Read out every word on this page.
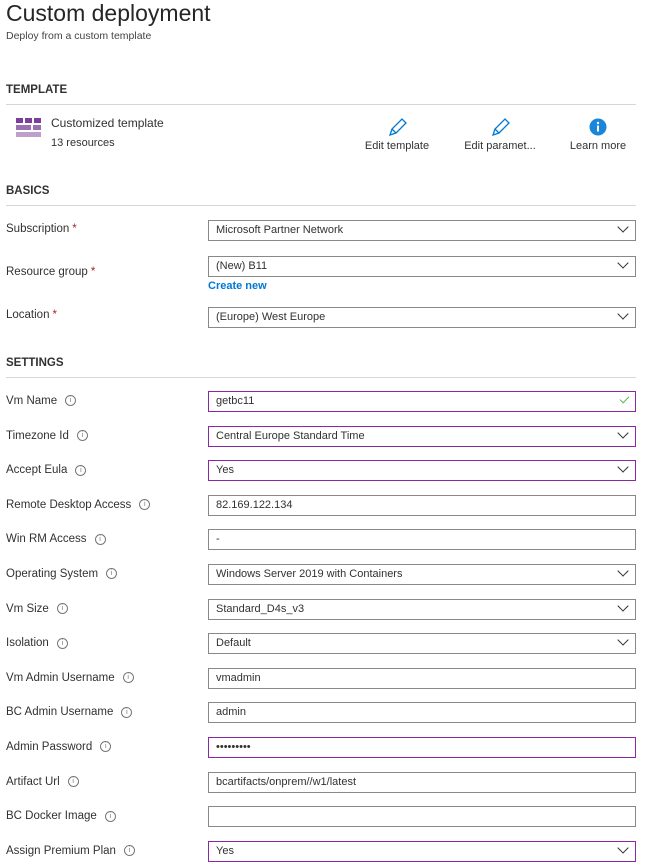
Custom deployment
Deploy from a custom template
TEMPLATE
Customized template
13 resources	Edit template	Edit paramet...	Learn more
BASICS
Subscription *	Microsoft Partner Network
Resource group *	(New) B11
Create new
Location *	(Europe) West Europe
SETTINGS
Vm Name i	getbc11
Timezone Id i	Central Europe Standard Time
Accept Eula i	Yes
Remote Desktop Access i	82.169.122.134
Win RM Access i	-
Operating System i	Windows Server 2019 with Containers
Vm Size i	Standard_D4s_v3
Isolation i	Default
Vm Admin Username i	vmadmin
BC Admin Username i	admin
Admin Password i	•••••••••
Artifact Url i	bcartifacts/onprem//w1/latest
BC Docker Image i
Assign Premium Plan i	Yes
